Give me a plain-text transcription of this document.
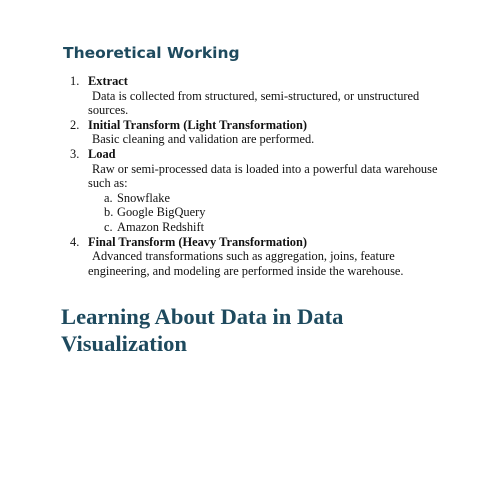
Theoretical Working
1. Extract
Data is collected from structured, semi-structured, or unstructured sources.
2. Initial Transform (Light Transformation)
Basic cleaning and validation are performed.
3. Load
Raw or semi-processed data is loaded into a powerful data warehouse such as:
a. Snowflake
b. Google BigQuery
c. Amazon Redshift
4. Final Transform (Heavy Transformation)
Advanced transformations such as aggregation, joins, feature engineering, and modeling are performed inside the warehouse.
Learning About Data in Data Visualization
